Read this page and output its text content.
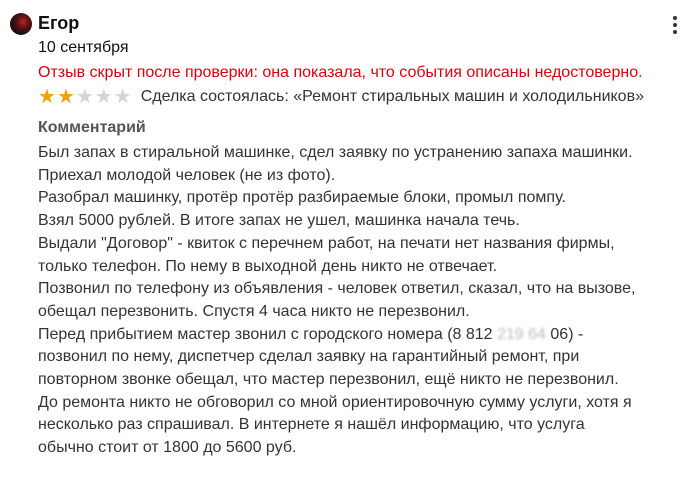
Егор
10 сентября
Отзыв скрыт после проверки: она показала, что события описаны недостоверно.
★ ★ ★ ★ ★ Сделка состоялась: «Ремонт стиральных машин и холодильников»
Комментарий
Был запах в стиральной машинке, сдел заявку по устранению запаха машинки.
Приехал молодой человек (не из фото).
Разобрал машинку, протёр протёр разбираемые блоки, промыл помпу.
Взял 5000 рублей. В итоге запах не ушел, машинка начала течь.
Выдали "Договор" - квиток с перечнем работ, на печати нет названия фирмы,
только телефон. По нему в выходной день никто не отвечает.
Позвонил по телефону из объявления - человек ответил, сказал, что на вызове,
обещал перезвонить. Спустя 4 часа никто не перезвонил.
Перед прибытием мастер звонил с городского номера (8 812 219 64 06) -
позвонил по нему, диспетчер сделал заявку на гарантийный ремонт, при
повторном звонке обещал, что мастер перезвонил, ещё никто не перезвонил.
До ремонта никто не обговорил со мной ориентировочную сумму услуги, хотя я
несколько раз спрашивал. В интернете я нашёл информацию, что услуга
обычно стоит от 1800 до 5600 руб.
